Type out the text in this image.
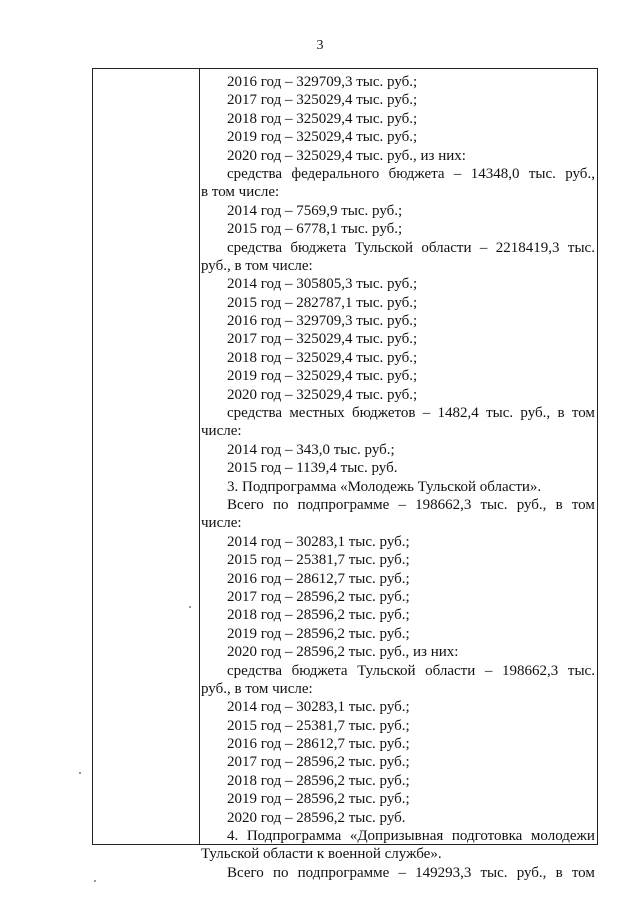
3
2016 год – 329709,3 тыс. руб.;
2017 год – 325029,4 тыс. руб.;
2018 год – 325029,4 тыс. руб.;
2019 год – 325029,4 тыс. руб.;
2020 год – 325029,4 тыс. руб., из них:
средства федерального бюджета – 14348,0 тыс. руб.,
в том числе:
2014 год – 7569,9 тыс. руб.;
2015 год – 6778,1 тыс. руб.;
средства бюджета Тульской области – 2218419,3 тыс.
руб., в том числе:
2014 год – 305805,3 тыс. руб.;
2015 год – 282787,1 тыс. руб.;
2016 год – 329709,3 тыс. руб.;
2017 год – 325029,4 тыс. руб.;
2018 год – 325029,4 тыс. руб.;
2019 год – 325029,4 тыс. руб.;
2020 год – 325029,4 тыс. руб.;
средства местных бюджетов – 1482,4 тыс. руб., в том
числе:
2014 год – 343,0 тыс. руб.;
2015 год – 1139,4 тыс. руб.
3. Подпрограмма «Молодежь Тульской области».
Всего по подпрограмме – 198662,3 тыс. руб., в том
числе:
2014 год – 30283,1 тыс. руб.;
2015 год – 25381,7 тыс. руб.;
2016 год – 28612,7 тыс. руб.;
2017 год – 28596,2 тыс. руб.;
2018 год – 28596,2 тыс. руб.;
2019 год – 28596,2 тыс. руб.;
2020 год – 28596,2 тыс. руб., из них:
средства бюджета Тульской области – 198662,3 тыс.
руб., в том числе:
2014 год – 30283,1 тыс. руб.;
2015 год – 25381,7 тыс. руб.;
2016 год – 28612,7 тыс. руб.;
2017 год – 28596,2 тыс. руб.;
2018 год – 28596,2 тыс. руб.;
2019 год – 28596,2 тыс. руб.;
2020 год – 28596,2 тыс. руб.
4. Подпрограмма «Допризывная подготовка молодежи
Тульской области к военной службе».
Всего по подпрограмме – 149293,3 тыс. руб., в том
